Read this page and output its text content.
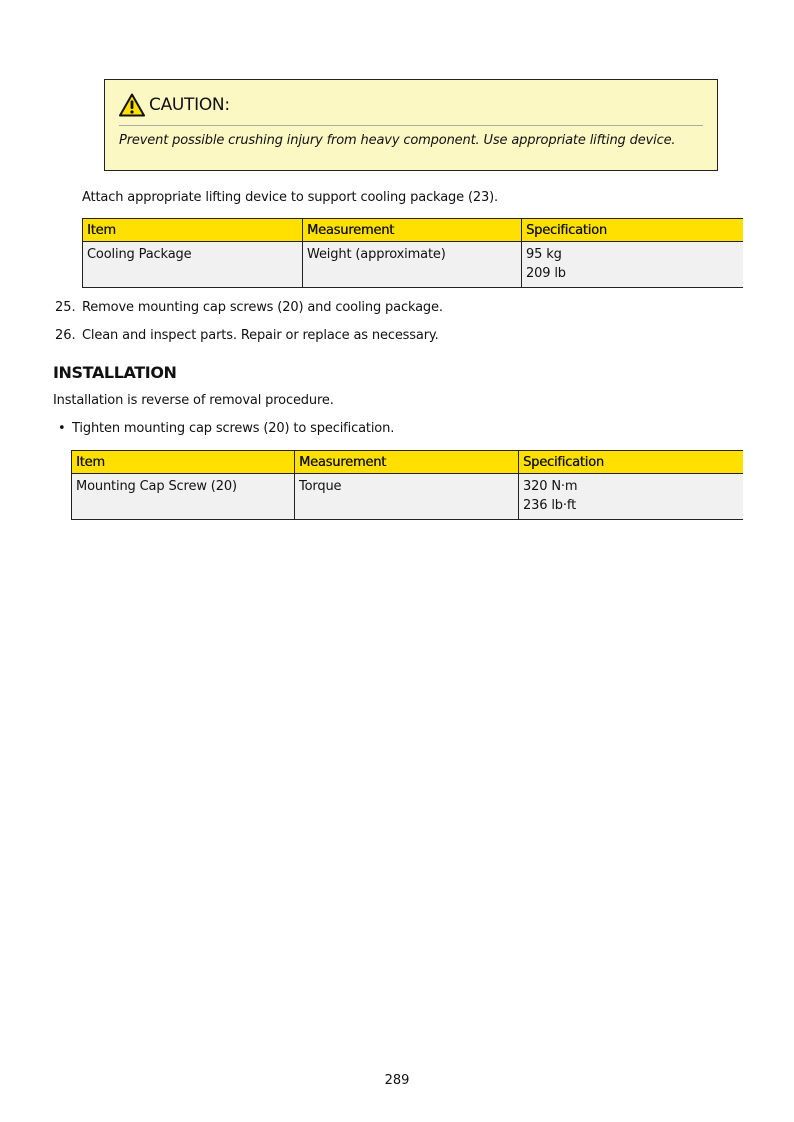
CAUTION:
Prevent possible crushing injury from heavy component. Use appropriate lifting device.
Attach appropriate lifting device to support cooling package (23).
Item	Measurement	Specification
Cooling Package	Weight (approximate)	95 kg
209 lb
25. Remove mounting cap screws (20) and cooling package.
26. Clean and inspect parts. Repair or replace as necessary.
INSTALLATION
Installation is reverse of removal procedure.
• Tighten mounting cap screws (20) to specification.
Item	Measurement	Specification
Mounting Cap Screw (20)	Torque	320 N·m
236 lb·ft
289
